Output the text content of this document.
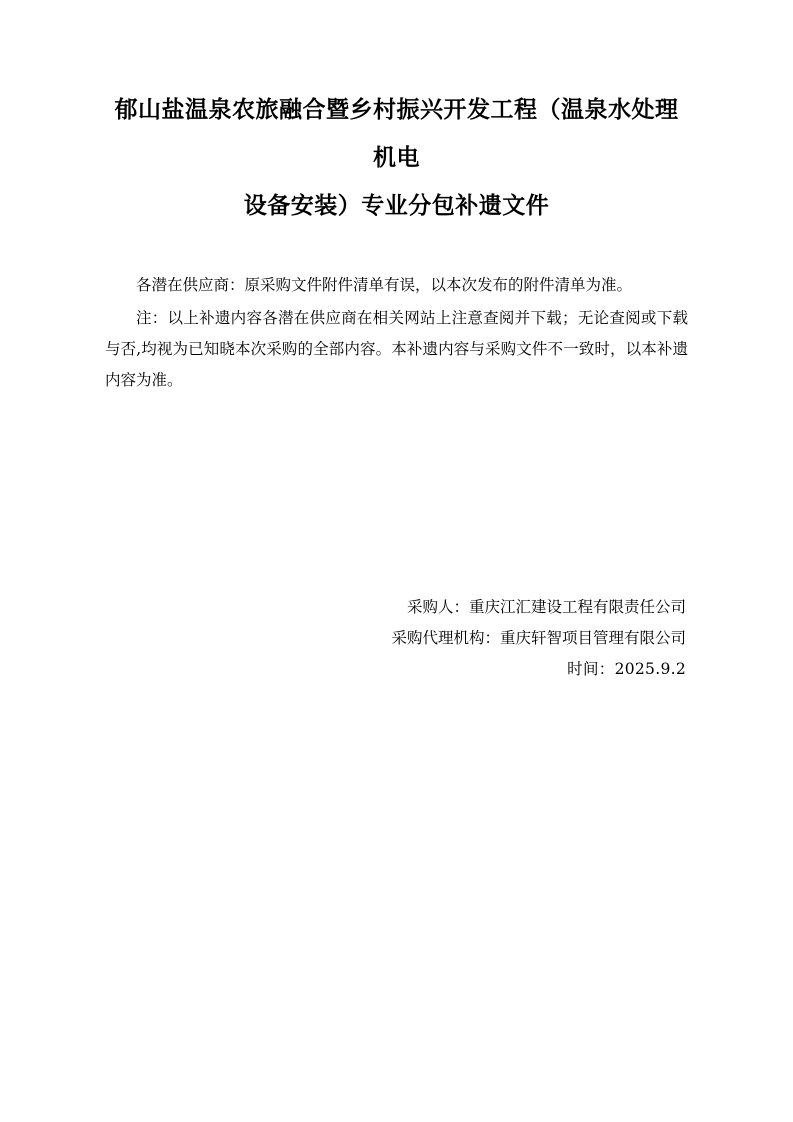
郁山盐温泉农旅融合暨乡村振兴开发工程（温泉水处理机电
设备安装）专业分包补遗文件

各潜在供应商：原采购文件附件清单有误，以本次发布的附件清单为准。

注：以上补遗内容各潜在供应商在相关网站上注意查阅并下载；无论查阅或下载与否,均视为已知晓本次采购的全部内容。本补遗内容与采购文件不一致时，以本补遗内容为准。

采购人：重庆江汇建设工程有限责任公司

采购代理机构：重庆轩智项目管理有限公司

时间：2025.9.2
